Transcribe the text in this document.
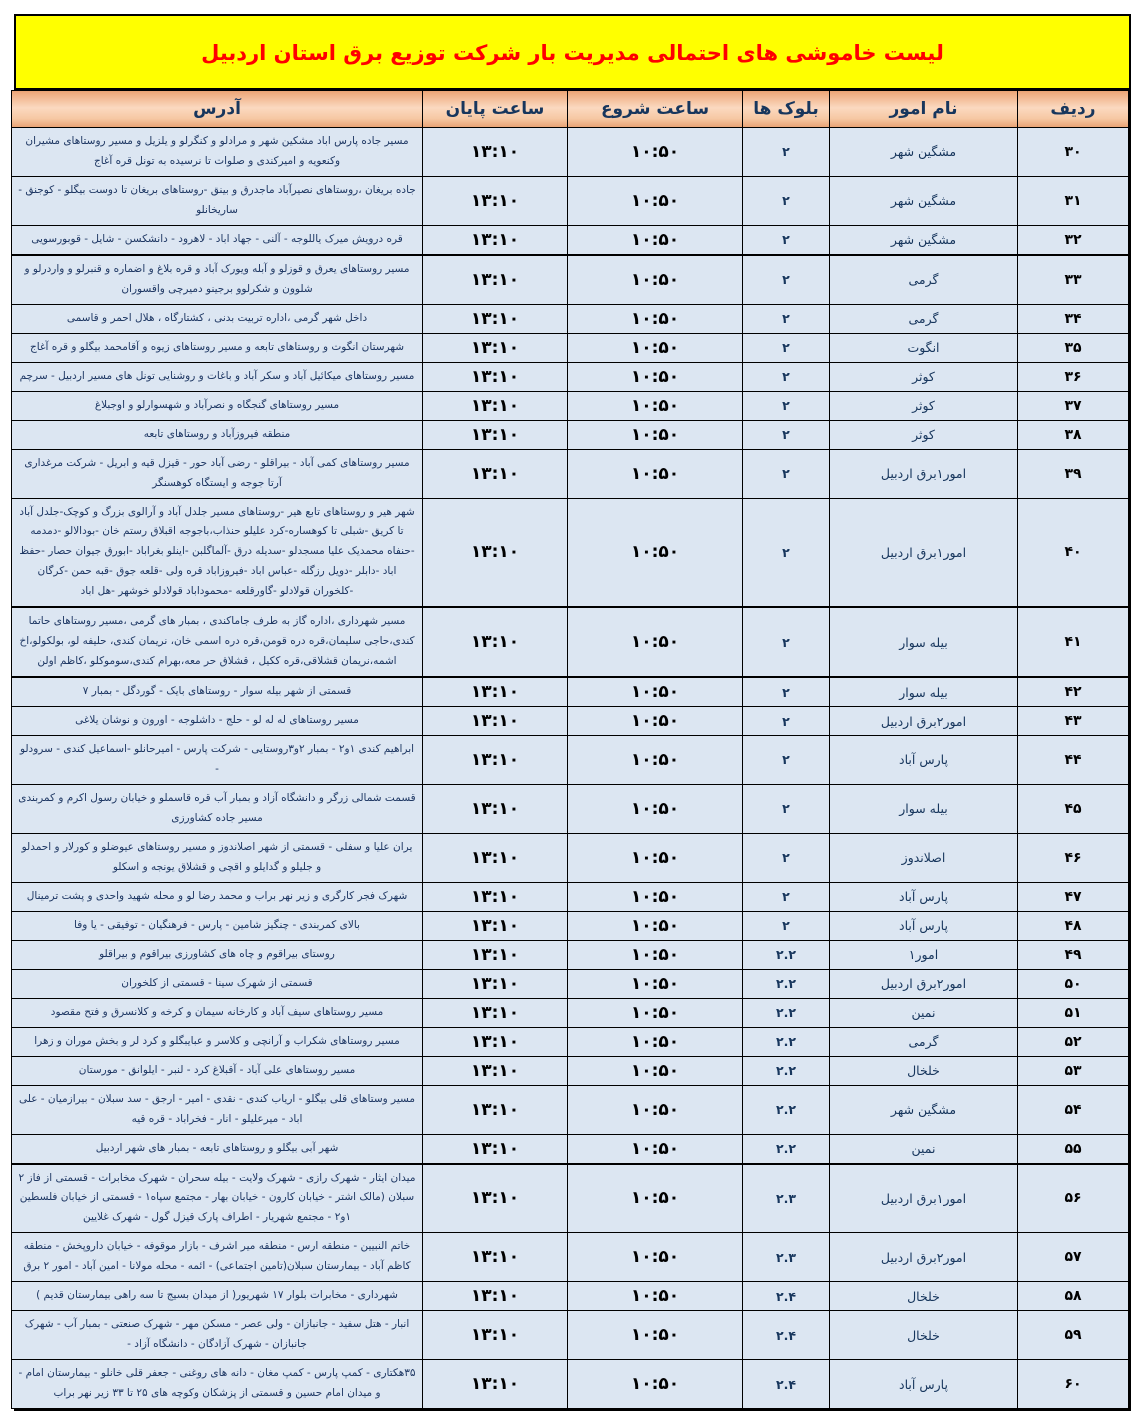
لیست خاموشی های احتمالی مدیریت بار شرکت توزیع برق استان اردبیل
ردیف	نام امور	بلوک ها	ساعت شروع	ساعت پایان	آدرس
۳۰	مشگین شهر	۲	۱۰:۵۰	۱۳:۱۰	مسیر جاده پارس اباد مشکین شهر و مرادلو و کنگرلو و یلزیل و مسیر روستاهای مشیران وکنعویه و امیرکندی و صلوات تا نرسیده به تونل قره آغاج
۳۱	مشگین شهر	۲	۱۰:۵۰	۱۳:۱۰	جاده بریغان ،روستاهای نصیرآباد ماجدرق و بینق -روستاهای بریغان تا دوست بیگلو - کوجنق - ساریخانلو
۳۲	مشگین شهر	۲	۱۰:۵۰	۱۳:۱۰	قره درویش میرک یاللوجه - آلنی - جهاد اباد - لاهرود - دانشکسن - شایل - قوبورسویی
۳۳	گرمی	۲	۱۰:۵۰	۱۳:۱۰	مسیر روستاهای یعرق و قوزلو و آبله ویورک آباد و قره بلاغ و اضماره و قنبرلو و واردرلو و شلوون و شکرلوو برجینو دمیرچی واقسوران
۳۴	گرمی	۲	۱۰:۵۰	۱۳:۱۰	داخل شهر گرمی ،اداره تربیت بدنی ، کشتارگاه ، هلال احمر و قاسمی
۳۵	انگوت	۲	۱۰:۵۰	۱۳:۱۰	شهرستان انگوت و روستاهای تابعه و مسیر روستاهای زیوه و آقامحمد بیگلو و قره آغاج
۳۶	کوثر	۲	۱۰:۵۰	۱۳:۱۰	مسیر روستاهای میکائیل آباد و سکر آباد و باغات و روشنایی تونل های مسیر اردبیل - سرچم
۳۷	کوثر	۲	۱۰:۵۰	۱۳:۱۰	مسیر روستاهای گنجگاه و نصرآباد و شهسوارلو و اوجبلاغ
۳۸	کوثر	۲	۱۰:۵۰	۱۳:۱۰	منطقه فیروزآباد و روستاهای تابعه
۳۹	امور۱برق اردبیل	۲	۱۰:۵۰	۱۳:۱۰	مسیر روستاهای کمی آباد - بیراقلو - رضی آباد حور - قیزل قیه و ابریل - شرکت مرغداری آرتا جوجه و ایستگاه کوهسنگر
۴۰	امور۱برق اردبیل	۲	۱۰:۵۰	۱۳:۱۰	شهر هیر و روستاهای تابع هیر -روستاهای مسیر جلدل آباد و آرالوی بزرگ و کوچک-جلدل آباد تا کریق -شبلی تا کوهساره-کرد علیلو حنذاب،باجوجه اقبلاق رستم خان -بودالالو -دمدمه -حنفاه محمدیک علیا مسجدلو -سدیله درق -آلماگلبن -اینلو بغراباد -ابورق جیوان حصار -حفظ اباد -دابلر -دویل رزگله -عباس اباد -فیروزاباد قره ولی -قلعه جوق -قبه حمن -کرگان -کلخوران قولادلو -گاورقلعه -محموداباد قولادلو خوشهر -هل اباد
۴۱	بیله سوار	۲	۱۰:۵۰	۱۳:۱۰	مسیر شهرداری ،اداره گاز به طرف جاماکندی ، بمبار های گرمی ،مسیر روستاهای حاتما کندی،حاجی سلیمان،قره دره قومن،قره دره اسمی خان، نریمان کندی، حلیفه لو، بولکولو،اخ اشمه،نریمان قشلاقی،قره ککیل ، قشلاق حر معه،بهرام کندی،سوموکلو ،کاظم اولن
۴۲	بیله سوار	۲	۱۰:۵۰	۱۳:۱۰	قسمتی از شهر بیله سوار - روستاهای بایک - گوردگل - بمبار ۷
۴۳	امور۲برق اردبیل	۲	۱۰:۵۰	۱۳:۱۰	مسیر روستاهای له له لو - حلج - داشلوجه - اورون و نوشان یلاغی
۴۴	پارس آباد	۲	۱۰:۵۰	۱۳:۱۰	ابراهیم کندی ۱و۲ - بمبار ۲و۳روستایی - شرکت پارس - امیرحانلو -اسماعیل کندی - سرودلو -
۴۵	بیله سوار	۲	۱۰:۵۰	۱۳:۱۰	قسمت شمالی زرگر و دانشگاه آزاد و بمبار آب قره قاسملو و خیابان رسول اکرم و کمربندی مسیر جاده کشاورزی
۴۶	اصلاندوز	۲	۱۰:۵۰	۱۳:۱۰	یران علیا و سفلی - قسمتی از شهر اصلاندوز و مسیر روستاهای عیوضلو و کورلار و احمدلو و جلیلو و گدایلو و اقچی و قشلاق یونجه و اسکلو
۴۷	پارس آباد	۲	۱۰:۵۰	۱۳:۱۰	شهرک فجر کارگری و زیر نهر براب و محمد رضا لو و محله شهید واحدی و پشت ترمینال
۴۸	پارس آباد	۲	۱۰:۵۰	۱۳:۱۰	بالای کمربندی - چنگیز شامین - پارس - فرهنگیان - توفیقی - یا وفا
۴۹	امور۱	۲.۲	۱۰:۵۰	۱۳:۱۰	روستای بیراقوم و چاه های کشاورزی بیراقوم و بیراقلو
۵۰	امور۲برق اردبیل	۲.۲	۱۰:۵۰	۱۳:۱۰	قسمتی از شهرک سینا - قسمتی از کلخوران
۵۱	نمین	۲.۲	۱۰:۵۰	۱۳:۱۰	مسیر روستاهای سیف آباد و کارخانه سیمان و کرخه و کلانسرق و فتح مقصود
۵۲	گرمی	۲.۲	۱۰:۵۰	۱۳:۱۰	مسیر روستاهای شکراب و آرانچی و کلاسر و عبایبگلو و کرد لر و بخش موران و زهرا
۵۳	خلخال	۲.۲	۱۰:۵۰	۱۳:۱۰	مسیر روستاهای علی آباد - آقبلاغ کرد - لنبر - ایلوانق - مورستان
۵۴	مشگین شهر	۲.۲	۱۰:۵۰	۱۳:۱۰	مسیر وستاهای قلی بیگلو - اریاب کندی - نقدی - امیر - ارجق - سد سبلان - بیرازمیان - علی اباد - میرعلیلو - انار - فخراباد - قره قیه
۵۵	نمین	۲.۲	۱۰:۵۰	۱۳:۱۰	شهر آبی بیگلو و روستاهای تابعه - بمبار های شهر اردبیل
۵۶	امور۱برق اردبیل	۲.۳	۱۰:۵۰	۱۳:۱۰	میدان ایثار - شهرک رازی - شهرک ولایت - بیله سحران - شهرک مخابرات - قسمتی از فاز ۲ سبلان (مالک اشتر - خیابان کارون - خیابان بهار - مجتمع سپاه۱ - قسمتی از خیابان فلسطین ۱و۲ - مجتمع شهریار - اطراف پارک قیزل گول - شهرک غلایین
۵۷	امور۲برق اردبیل	۲.۳	۱۰:۵۰	۱۳:۱۰	خاتم النبیین - منطقه ارس - منطقه میر اشرف - بازار موقوفه - خیابان داروپخش - منطقه کاظم آباد - بیمارستان سبلان(تامین اجتماعی) - ائمه - محله مولانا - امین آباد - امور ۲ برق
۵۸	خلخال	۲.۴	۱۰:۵۰	۱۳:۱۰	شهرداری - مخابرات بلوار ۱۷ شهریور( از میدان بسیج تا سه راهی بیمارستان قدیم )
۵۹	خلخال	۲.۴	۱۰:۵۰	۱۳:۱۰	انبار - هتل سفید - جانبازان - ولی عصر - مسکن مهر - شهرک صنعتی - بمبار آب - شهرک جانبازان - شهرک آزادگان - دانشگاه آزاد -
۶۰	پارس آباد	۲.۴	۱۰:۵۰	۱۳:۱۰	۳۵هکتاری - کمپ پارس - کمپ مغان - دانه های روغنی - جعفر قلی خانلو - بیمارستان امام - و میدان امام حسین و قسمتی از پزشکان وکوچه های ۲۵ تا ۳۳ زیر نهر براب
